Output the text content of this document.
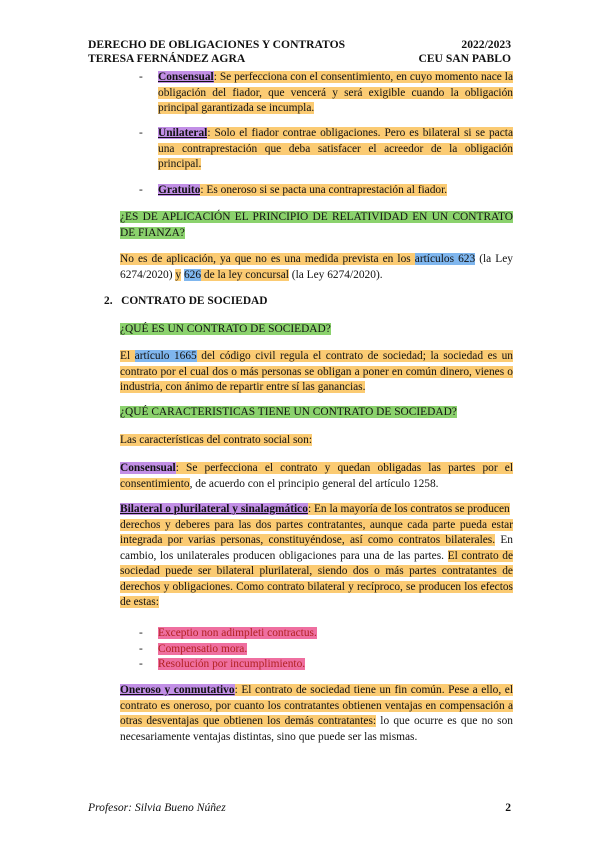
DERECHO DE OBLIGACIONES Y CONTRATOS	2022/2023
TERESA FERNÁNDEZ AGRA	CEU SAN PABLO
- Consensual: Se perfecciona con el consentimiento, en cuyo momento nace la obligación del fiador, que vencerá y será exigible cuando la obligación principal garantizada se incumpla.
- Unilateral: Solo el fiador contrae obligaciones. Pero es bilateral si se pacta una contraprestación que deba satisfacer el acreedor de la obligación principal.
- Gratuito: Es oneroso si se pacta una contraprestación al fiador.
¿ES DE APLICACIÓN EL PRINCIPIO DE RELATIVIDAD EN UN CONTRATO DE FIANZA?
No es de aplicación, ya que no es una medida prevista en los artículos 623 (la Ley 6274/2020) y 626 de la ley concursal (la Ley 6274/2020).
2. CONTRATO DE SOCIEDAD
¿QUÉ ES UN CONTRATO DE SOCIEDAD?
El artículo 1665 del código civil regula el contrato de sociedad; la sociedad es un contrato por el cual dos o más personas se obligan a poner en común dinero, vienes o industria, con ánimo de repartir entre sí las ganancias.
¿QUÉ CARACTERISTICAS TIENE UN CONTRATO DE SOCIEDAD?
Las características del contrato social son:
Consensual: Se perfecciona el contrato y quedan obligadas las partes por el consentimiento, de acuerdo con el principio general del artículo 1258.
Bilateral o plurilateral y sinalagmático: En la mayoría de los contratos se producen
derechos y deberes para las dos partes contratantes, aunque cada parte pueda estar integrada por varias personas, constituyéndose, así como contratos bilaterales. En cambio, los unilaterales producen obligaciones para una de las partes. El contrato de sociedad puede ser bilateral plurilateral, siendo dos o más partes contratantes de derechos y obligaciones. Como contrato bilateral y recíproco, se producen los efectos de estas:
- Exceptio non adimpleti contractus.
- Compensatio mora.
- Resolución por incumplimiento.
Oneroso y conmutativo: El contrato de sociedad tiene un fin común. Pese a ello, el contrato es oneroso, por cuanto los contratantes obtienen ventajas en compensación a otras desventajas que obtienen los demás contratantes: lo que ocurre es que no son necesariamente ventajas distintas, sino que puede ser las mismas.
Profesor: Silvia Bueno Núñez	2
